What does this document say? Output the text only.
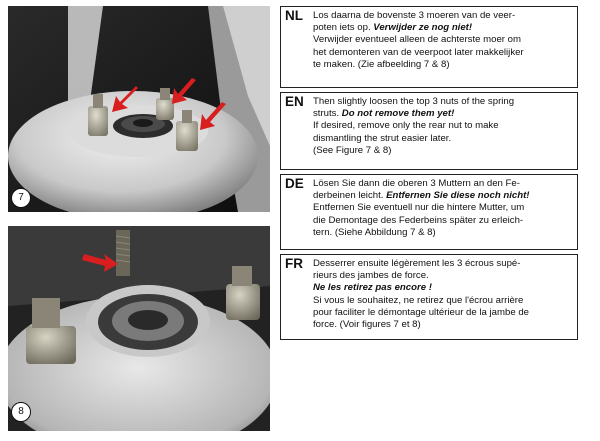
7
8
NL Los daarna de bovenste 3 moeren van de veer-
poten iets op. Verwijder ze nog niet!
Verwijder eventueel alleen de achterste moer om
het demonteren van de veerpoot later makkelijker
te maken. (Zie afbeelding 7 & 8)
EN Then slightly loosen the top 3 nuts of the spring
struts. Do not remove them yet!
If desired, remove only the rear nut to make
dismantling the strut easier later.
(See Figure 7 & 8)
DE Lösen Sie dann die oberen 3 Muttern an den Fe-
derbeinen leicht. Entfernen Sie diese noch nicht!
Entfernen Sie eventuell nur die hintere Mutter, um
die Demontage des Federbeins später zu erleich-
tern. (Siehe Abbildung 7 & 8)
FR Desserrer ensuite légèrement les 3 écrous supé-
rieurs des jambes de force.
Ne les retirez pas encore !
Si vous le souhaitez, ne retirez que l'écrou arrière
pour faciliter le démontage ultérieur de la jambe de
force. (Voir figures 7 et 8)
